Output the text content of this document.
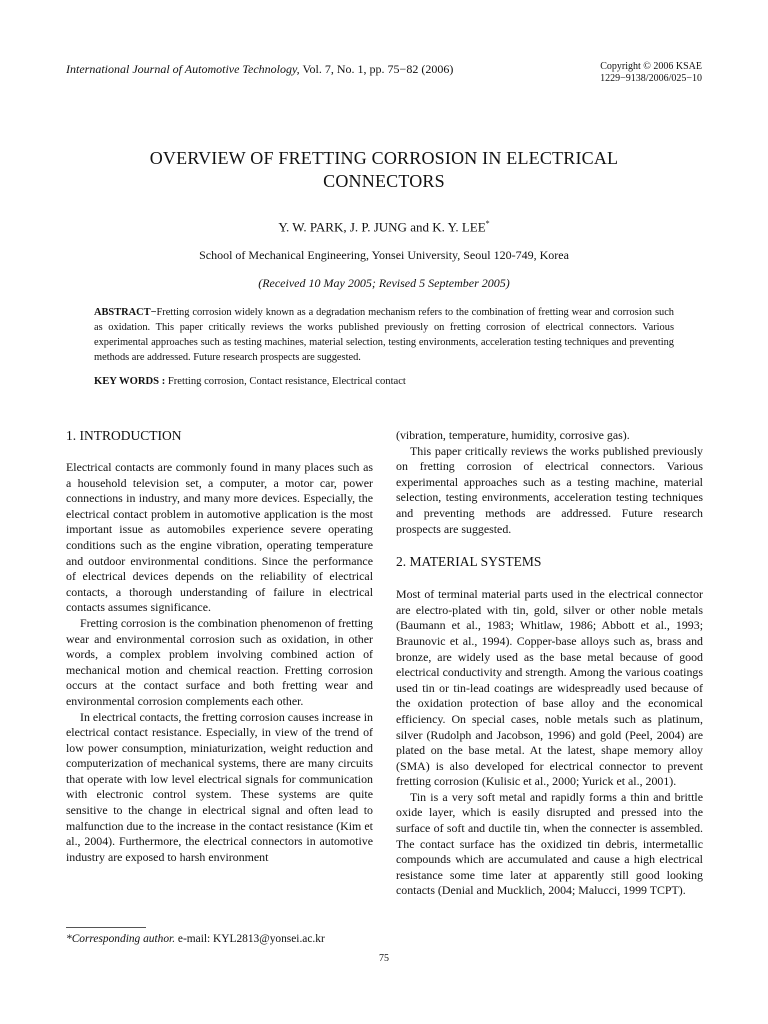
International Journal of Automotive Technology, Vol. 7, No. 1, pp. 75−82 (2006)	Copyright © 2006 KSAE
1229−9138/2006/025−10
OVERVIEW OF FRETTING CORROSION IN ELECTRICAL
CONNECTORS
Y. W. PARK, J. P. JUNG and K. Y. LEE*
School of Mechanical Engineering, Yonsei University, Seoul 120-749, Korea
(Received 10 May 2005; Revised 5 September 2005)
ABSTRACT−Fretting corrosion widely known as a degradation mechanism refers to the combination of fretting wear and corrosion such as oxidation. This paper critically reviews the works published previously on fretting corrosion of electrical connectors. Various experimental approaches such as testing machines, material selection, testing environments, acceleration testing techniques and preventing methods are addressed. Future research prospects are suggested.
KEY WORDS : Fretting corrosion, Contact resistance, Electrical contact
1. INTRODUCTION

Electrical contacts are commonly found in many places such as a household television set, a computer, a motor car, power connections in industry, and many more devices. Especially, the electrical contact problem in automotive application is the most important issue as automobiles experience severe operating conditions such as the engine vibration, operating temperature and outdoor environmental conditions. Since the performance of electrical devices depends on the reliability of electrical contacts, a thorough understanding of failure in electrical contacts assumes significance.

Fretting corrosion is the combination phenomenon of fretting wear and environmental corrosion such as oxidation, in other words, a complex problem involving combined action of mechanical motion and chemical reaction. Fretting corrosion occurs at the contact surface and both fretting wear and environmental corrosion complements each other.

In electrical contacts, the fretting corrosion causes increase in electrical contact resistance. Especially, in view of the trend of low power consumption, miniaturization, weight reduction and computerization of mechanical systems, there are many circuits that operate with low level electrical signals for communication with electronic control system. These systems are quite sensitive to the change in electrical signal and often lead to malfunction due to the increase in the contact resistance (Kim et al., 2004). Furthermore, the electrical connectors in automotive industry are exposed to harsh environment

(vibration, temperature, humidity, corrosive gas).

This paper critically reviews the works published previously on fretting corrosion of electrical connectors. Various experimental approaches such as a testing machine, material selection, testing environments, acceleration testing techniques and preventing methods are addressed. Future research prospects are suggested.

2. MATERIAL SYSTEMS

Most of terminal material parts used in the electrical connector are electro-plated with tin, gold, silver or other noble metals (Baumann et al., 1983; Whitlaw, 1986; Abbott et al., 1993; Braunovic et al., 1994). Copper-base alloys such as, brass and bronze, are widely used as the base metal because of good electrical conductivity and strength. Among the various coatings used tin or tin-lead coatings are widespreadly used because of the oxidation protection of base alloy and the economical efficiency. On special cases, noble metals such as platinum, silver (Rudolph and Jacobson, 1996) and gold (Peel, 2004) are plated on the base metal. At the latest, shape memory alloy (SMA) is also developed for electrical connector to prevent fretting corrosion (Kulisic et al., 2000; Yurick et al., 2001).

Tin is a very soft metal and rapidly forms a thin and brittle oxide layer, which is easily disrupted and pressed into the surface of soft and ductile tin, when the connecter is assembled. The contact surface has the oxidized tin debris, intermetallic compounds which are accumulated and cause a high electrical resistance some time later at apparently still good looking contacts (Denial and Mucklich, 2004; Malucci, 1999 TCPT).

*Corresponding author. e-mail: KYL2813@yonsei.ac.kr
75
